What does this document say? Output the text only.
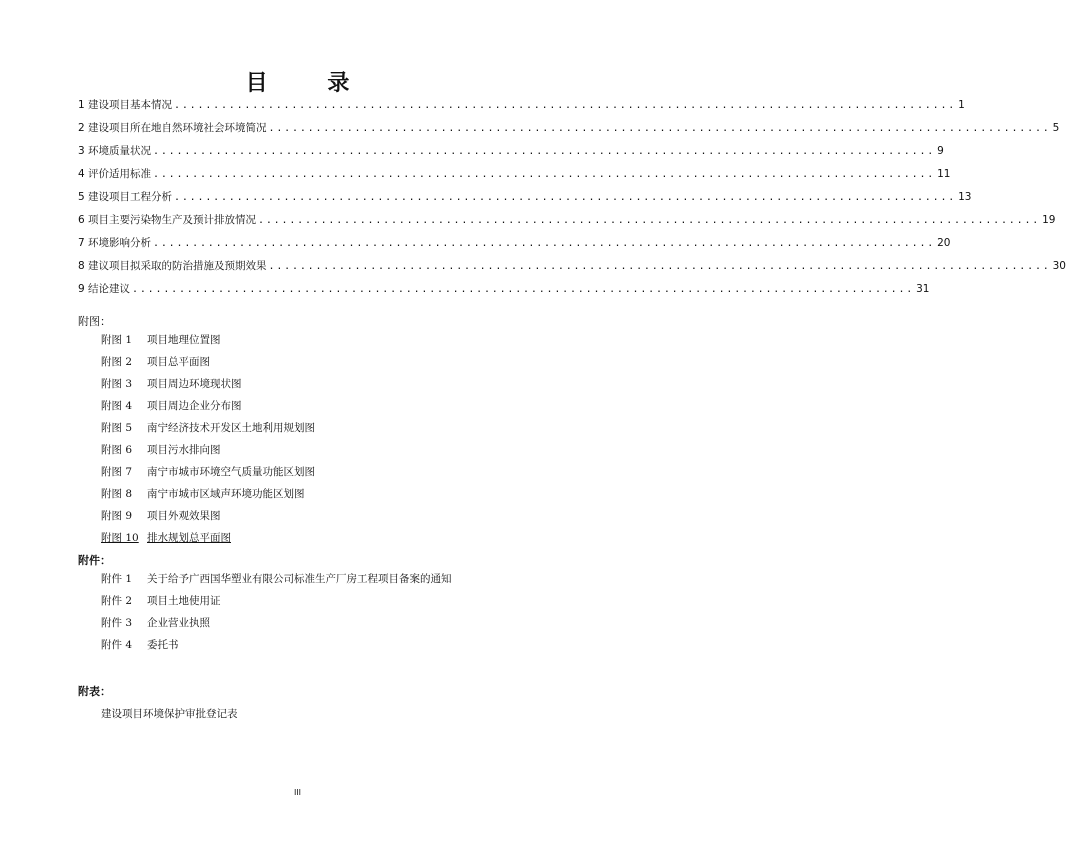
目 录
1 建设项目基本情况 .................................................................................................... 1
2 建设项目所在地自然环境社会环境简况 .................................................................................................... 5
3 环境质量状况 .................................................................................................... 9
4 评价适用标准 .................................................................................................... 11
5 建设项目工程分析 .................................................................................................... 13
6 项目主要污染物生产及预计排放情况 .................................................................................................... 19
7 环境影响分析 .................................................................................................... 20
8 建议项目拟采取的防治措施及预期效果 .................................................................................................... 30
9 结论建议 .................................................................................................... 31
附图：
附图 1	项目地理位置图
附图 2	项目总平面图
附图 3	项目周边环境现状图
附图 4	项目周边企业分布图
附图 5	南宁经济技术开发区土地利用规划图
附图 6	项目污水排向图
附图 7	南宁市城市环境空气质量功能区划图
附图 8	南宁市城市区域声环境功能区划图
附图 9	项目外观效果图
附图 10 排水规划总平面图
附件：
附件 1	关于给予广西国华塑业有限公司标准生产厂房工程项目备案的通知
附件 2	项目土地使用证
附件 3	企业营业执照
附件 4	委托书
附表：
建设项目环境保护审批登记表
III
